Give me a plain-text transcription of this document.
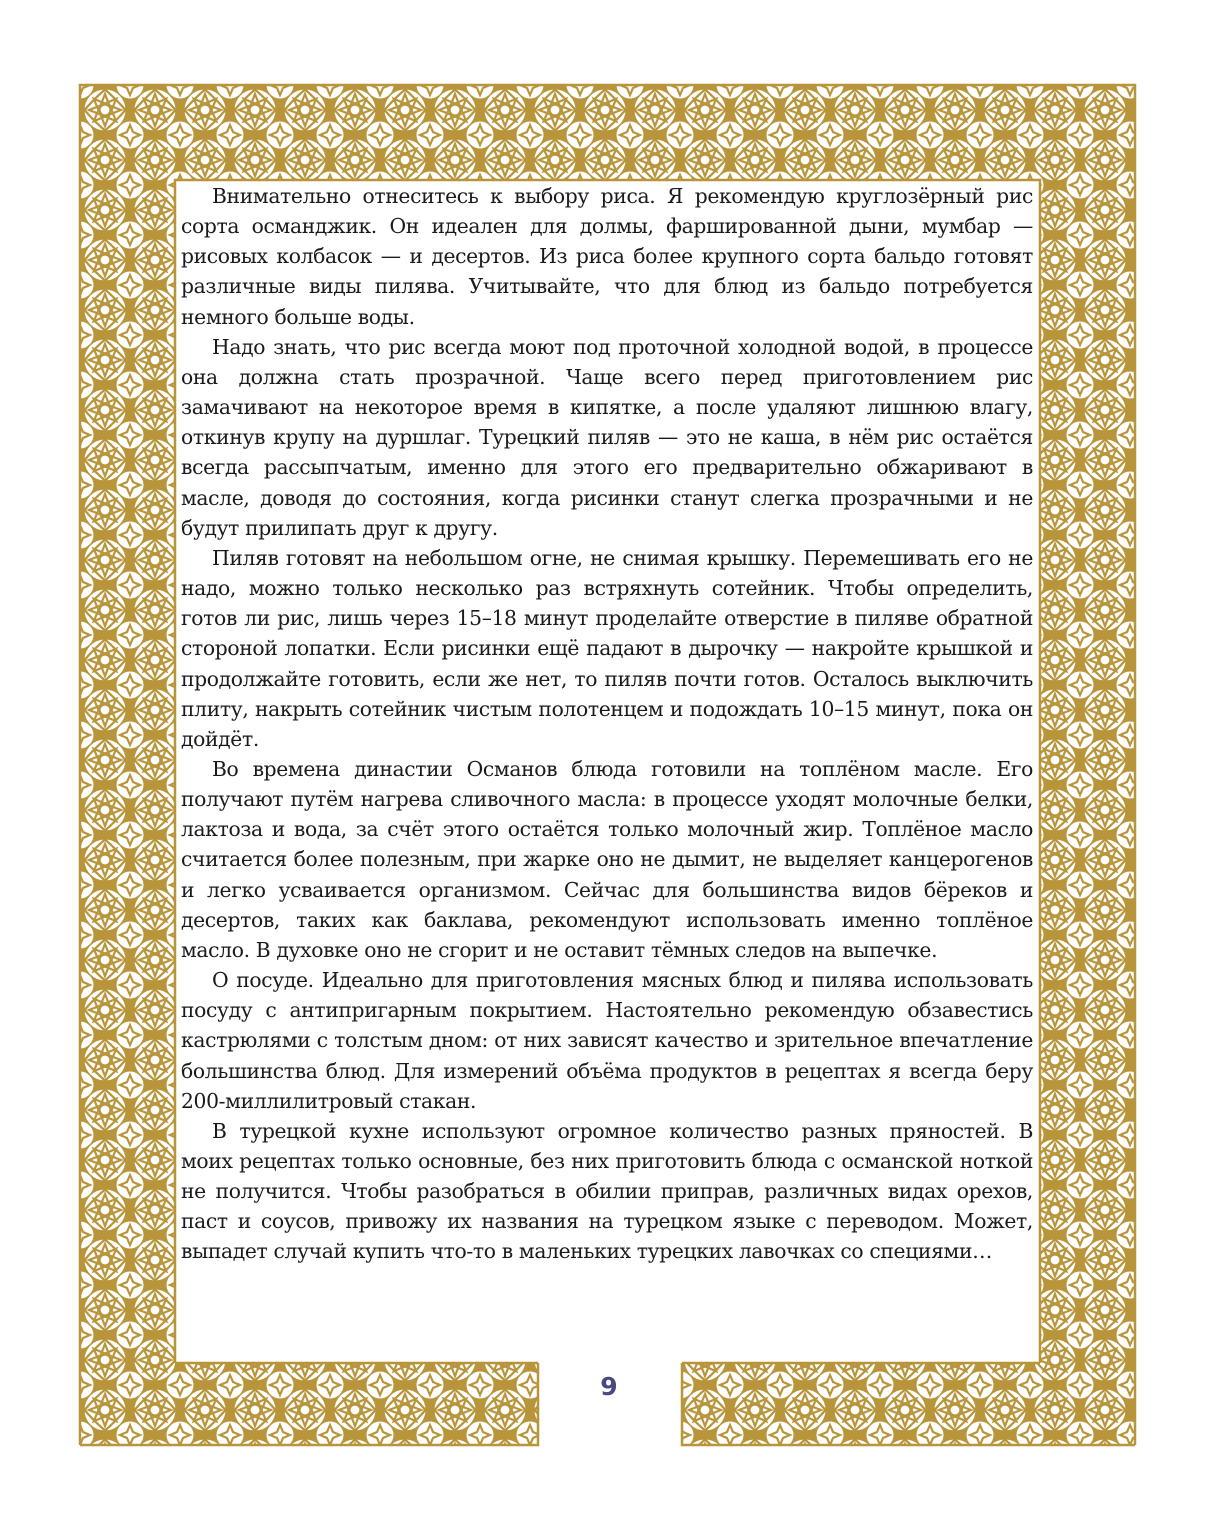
Внимательно отнеситесь к выбору риса. Я рекомендую круглозёрный рис сорта османджик. Он идеален для долмы, фаршированной дыни, мумбар — рисовых колбасок — и десертов. Из риса более крупного сорта бальдо готовят различные виды пилява. Учитывайте, что для блюд из бальдо потребуется немного больше воды.

Надо знать, что рис всегда моют под проточной холодной водой, в процессе она должна стать прозрачной. Чаще всего перед приготовлением рис замачивают на некоторое время в кипятке, а после удаляют лишнюю влагу, откинув крупу на дуршлаг. Турецкий пиляв — это не каша, в нём рис остаётся всегда рассыпчатым, именно для этого его предварительно обжаривают в масле, доводя до состояния, когда рисинки станут слегка прозрачными и не будут прилипать друг к другу.

Пиляв готовят на небольшом огне, не снимая крышку. Перемешивать его не надо, можно только несколько раз встряхнуть сотейник. Чтобы определить, готов ли рис, лишь через 15–18 минут проделайте отверстие в пиляве обратной стороной лопатки. Если рисинки ещё падают в дырочку — накройте крышкой и продолжайте готовить, если же нет, то пиляв почти готов. Осталось выключить плиту, накрыть сотейник чистым полотенцем и подождать 10–15 минут, пока он дойдёт.

Во времена династии Османов блюда готовили на топлёном масле. Его получают путём нагрева сливочного масла: в процессе уходят молочные белки, лактоза и вода, за счёт этого остаётся только молочный жир. Топлёное масло считается более полезным, при жарке оно не дымит, не выделяет канцерогенов и легко усваивается организмом. Сейчас для большинства видов бёреков и десертов, таких как баклава, рекомендуют использовать именно топлёное масло. В духовке оно не сгорит и не оставит тёмных следов на выпечке.

О посуде. Идеально для приготовления мясных блюд и пилява использовать посуду с антипригарным покрытием. Настоятельно рекомендую обзавестись кастрюлями с толстым дном: от них зависят качество и зрительное впечатление большинства блюд. Для измерений объёма продуктов в рецептах я всегда беру 200-миллилитровый стакан.

В турецкой кухне используют огромное количество разных пряностей. В моих рецептах только основные, без них приготовить блюда с османской ноткой не получится. Чтобы разобраться в обилии приправ, различных видах орехов, паст и соусов, привожу их названия на турецком языке с переводом. Может, выпадет случай купить что-то в маленьких турецких лавочках со специями…

9
